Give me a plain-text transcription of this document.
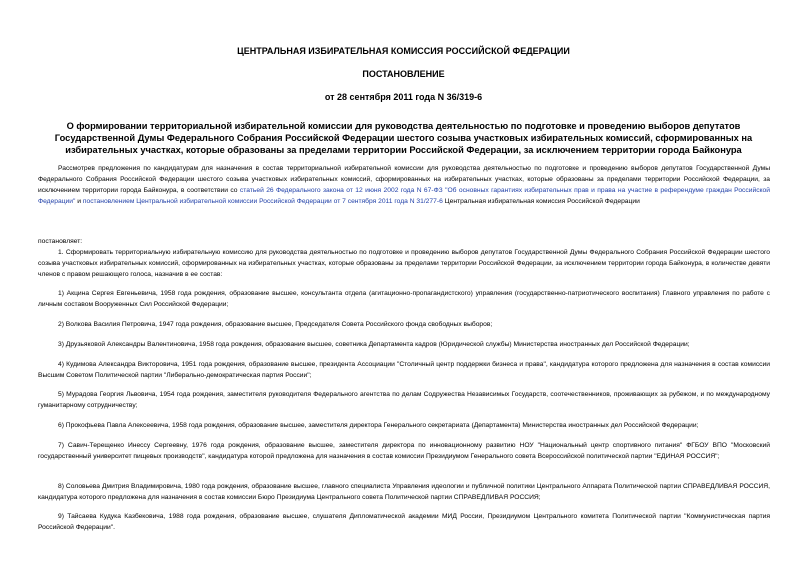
ЦЕНТРАЛЬНАЯ ИЗБИРАТЕЛЬНАЯ КОМИССИЯ РОССИЙСКОЙ ФЕДЕРАЦИИ
ПОСТАНОВЛЕНИЕ
от 28 сентября 2011 года N 36/319-6
О формировании территориальной избирательной комиссии для руководства деятельностью по подготовке и проведению выборов депутатов Государственной Думы Федерального Собрания Российской Федерации шестого созыва участковых избирательных комиссий, сформированных на избирательных участках, которые образованы за пределами территории Российской Федерации, за исключением территории города Байконура
Рассмотрев предложения по кандидатурам для назначения в состав территориальной избирательной комиссии для руководства деятельностью по подготовке и проведению выборов депутатов Государственной Думы Федерального Собрания Российской Федерации шестого созыва участковых избирательных комиссий, сформированных на избирательных участках, которые образованы за пределами территории Российской Федерации, за исключением территории города Байконура, в соответствии со статьей 26 Федерального закона от 12 июня 2002 года N 67-ФЗ "Об основных гарантиях избирательных прав и права на участие в референдуме граждан Российской Федерации" и постановлением Центральной избирательной комиссии Российской Федерации от 7 сентября 2011 года N 31/277-6 Центральная избирательная комиссия Российской Федерации
постановляет:
1. Сформировать территориальную избирательную комиссию для руководства деятельностью по подготовке и проведению выборов депутатов Государственной Думы Федерального Собрания Российской Федерации шестого созыва участковых избирательных комиссий, сформированных на избирательных участках, которые образованы за пределами территории Российской Федерации, за исключением территории города Байконура, в количестве девяти членов с правом решающего голоса, назначив в ее состав:
1) Акцина Сергея Евгеньевича, 1958 года рождения, образование высшее, консультанта отдела (агитационно-пропагандистского) управления (государственно-патриотического воспитания) Главного управления по работе с личным составом Вооруженных Сил Российской Федерации;
2) Волкова Василия Петровича, 1947 года рождения, образование высшее, Председателя Совета Российского фонда свободных выборов;
3) Друзьяковой Александры Валентиновича, 1958 года рождения, образование высшее, советника Департамента кадров (Юридической службы) Министерства иностранных дел Российской Федерации;
4) Кудимова Александра Викторовича, 1951 года рождения, образование высшее, президента Ассоциации "Столичный центр поддержки бизнеса и права", кандидатура которого предложена для назначения в состав комиссии Высшим Советом Политической партии "Либерально-демократическая партия России";
5) Мурадова Георгия Львовича, 1954 года рождения, заместителя руководителя Федерального агентства по делам Содружества Независимых Государств, соотечественников, проживающих за рубежом, и по международному гуманитарному сотрудничеству;
6) Прокофьева Павла Алексеевича, 1958 года рождения, образование высшее, заместителя директора Генерального секретариата (Департамента) Министерства иностранных дел Российской Федерации;
7) Савич-Терещенко Инессу Сергеевну, 1976 года рождения, образование высшее, заместителя директора по инновационному развитию НОУ "Национальный центр спортивного питания" ФГБОУ ВПО "Московский государственный университет пищевых производств", кандидатура которой предложена для назначения в состав комиссии Президиумом Генерального совета Всероссийской политической партии "ЕДИНАЯ РОССИЯ";
8) Соловьева Дмитрия Владимировича, 1980 года рождения, образование высшее, главного специалиста Управления идеологии и публичной политики Центрального Аппарата Политической партии СПРАВЕДЛИВАЯ РОССИЯ, кандидатура которого предложена для назначения в состав комиссии Бюро Президиума Центрального совета Политической партии СПРАВЕДЛИВАЯ РОССИЯ;
9) Тайсаева Кудука Казбековича, 1988 года рождения, образование высшее, слушателя Дипломатической академии МИД России, Президиумом Центрального комитета Политической партии "Коммунистическая партия Российской Федерации".
